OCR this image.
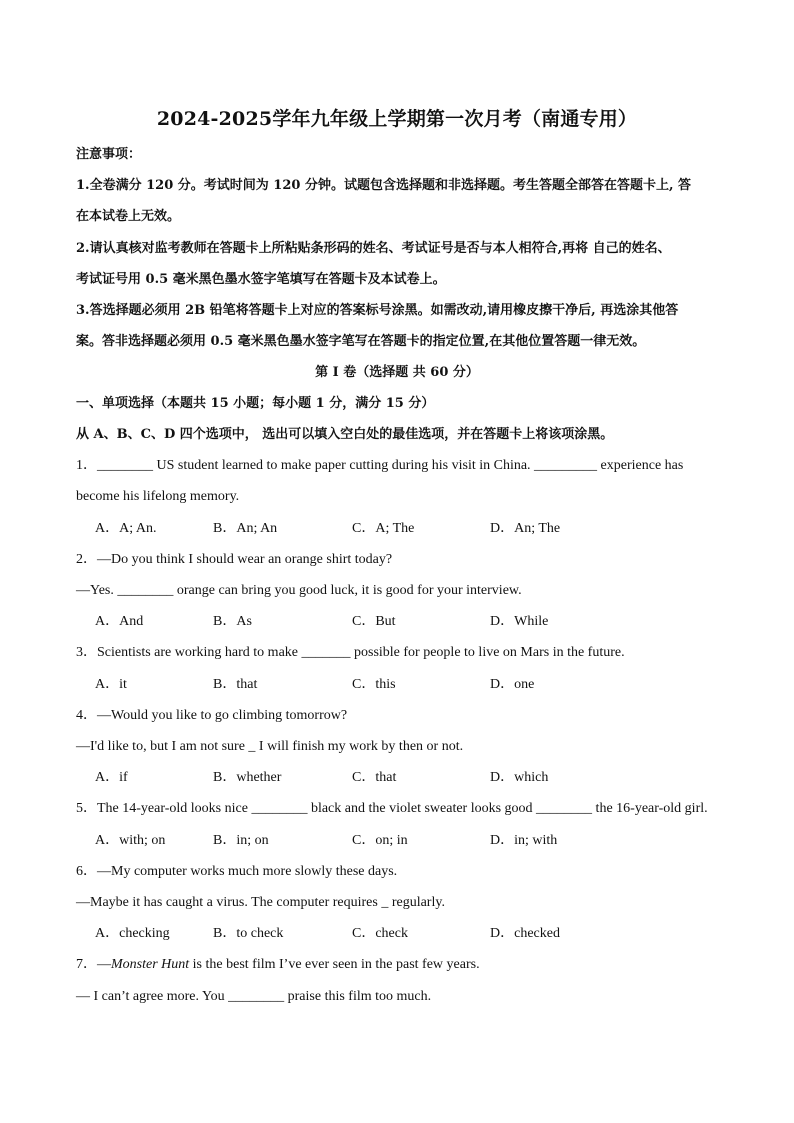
2024-2025学年九年级上学期第一次月考（南通专用）
注意事项：
1.全卷满分 120 分。考试时间为 120 分钟。试题包含选择题和非选择题。考生答题全部答在答题卡上, 答
在本试卷上无效。
2.请认真核对监考教师在答题卡上所粘贴条形码的姓名、考试证号是否与本人相符合,再将 自己的姓名、
考试证号用 0.5 毫米黑色墨水签字笔填写在答题卡及本试卷上。
3.答选择题必须用 2B 铅笔将答题卡上对应的答案标号涂黑。如需改动,请用橡皮擦干净后, 再选涂其他答
案。答非选择题必须用 0.5 毫米黑色墨水签字笔写在答题卡的指定位置,在其他位置答题一律无效。
第 I 卷（选择题 共 60 分）
一、单项选择（本题共 15 小题；每小题 1 分，满分 15 分）
从 A、B、C、D 四个选项中， 选出可以填入空白处的最佳选项，并在答题卡上将该项涂黑。
1．________ US student learned to make paper cutting during his visit in China. _________ experience has
become his lifelong memory.
A．A; An.	B．An; An	C．A; The	D．An; The
2．—Do you think I should wear an orange shirt today?
—Yes. ________ orange can bring you good luck, it is good for your interview.
A．And	B．As	C．But	D．While
3．Scientists are working hard to make _______ possible for people to live on Mars in the future.
A．it	B．that	C．this	D．one
4．—Would you like to go climbing tomorrow?
—I'd like to, but I am not sure _ I will finish my work by then or not.
A．if	B．whether	C．that	D．which
5．The 14-year-old looks nice ________ black and the violet sweater looks good ________ the 16-year-old girl.
A．with; on	B．in; on	C．on; in	D．in; with
6．—My computer works much more slowly these days.
—Maybe it has caught a virus. The computer requires _ regularly.
A．checking	B．to check	C．check	D．checked
7．—Monster Hunt is the best film I’ve ever seen in the past few years.
— I can’t agree more. You ________ praise this film too much.
